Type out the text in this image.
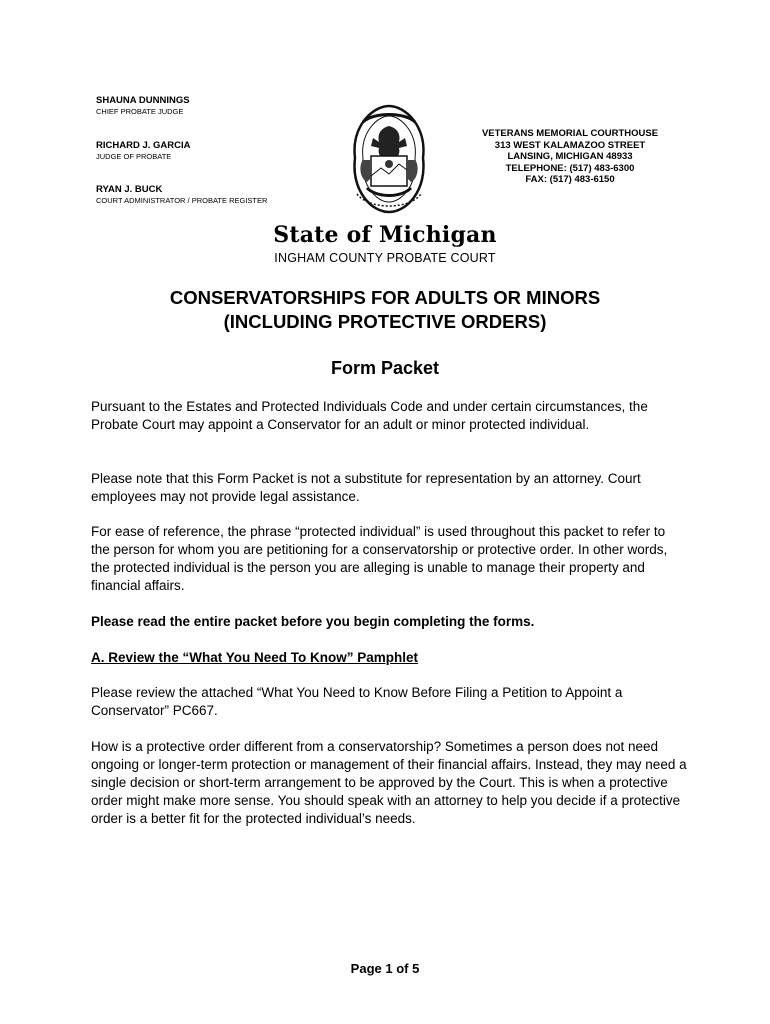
SHAUNA DUNNINGS
CHIEF PROBATE JUDGE
RICHARD J. GARCIA
JUDGE OF PROBATE
RYAN J. BUCK
COURT ADMINISTRATOR / PROBATE REGISTER
VETERANS MEMORIAL COURTHOUSE
313 WEST KALAMAZOO STREET
LANSING, MICHIGAN 48933
TELEPHONE: (517) 483-6300
FAX: (517) 483-6150
State of Michigan
INGHAM COUNTY PROBATE COURT
CONSERVATORSHIPS FOR ADULTS OR MINORS
(INCLUDING PROTECTIVE ORDERS)
Form Packet
Pursuant to the Estates and Protected Individuals Code and under certain circumstances, the Probate Court may appoint a Conservator for an adult or minor protected individual.
Please note that this Form Packet is not a substitute for representation by an attorney. Court employees may not provide legal assistance.
For ease of reference, the phrase “protected individual” is used throughout this packet to refer to the person for whom you are petitioning for a conservatorship or protective order. In other words, the protected individual is the person you are alleging is unable to manage their property and financial affairs.
Please read the entire packet before you begin completing the forms.
A. Review the “What You Need To Know” Pamphlet
Please review the attached “What You Need to Know Before Filing a Petition to Appoint a Conservator” PC667.
How is a protective order different from a conservatorship? Sometimes a person does not need ongoing or longer-term protection or management of their financial affairs. Instead, they may need a single decision or short-term arrangement to be approved by the Court. This is when a protective order might make more sense. You should speak with an attorney to help you decide if a protective order is a better fit for the protected individual’s needs.
Page 1 of 5
